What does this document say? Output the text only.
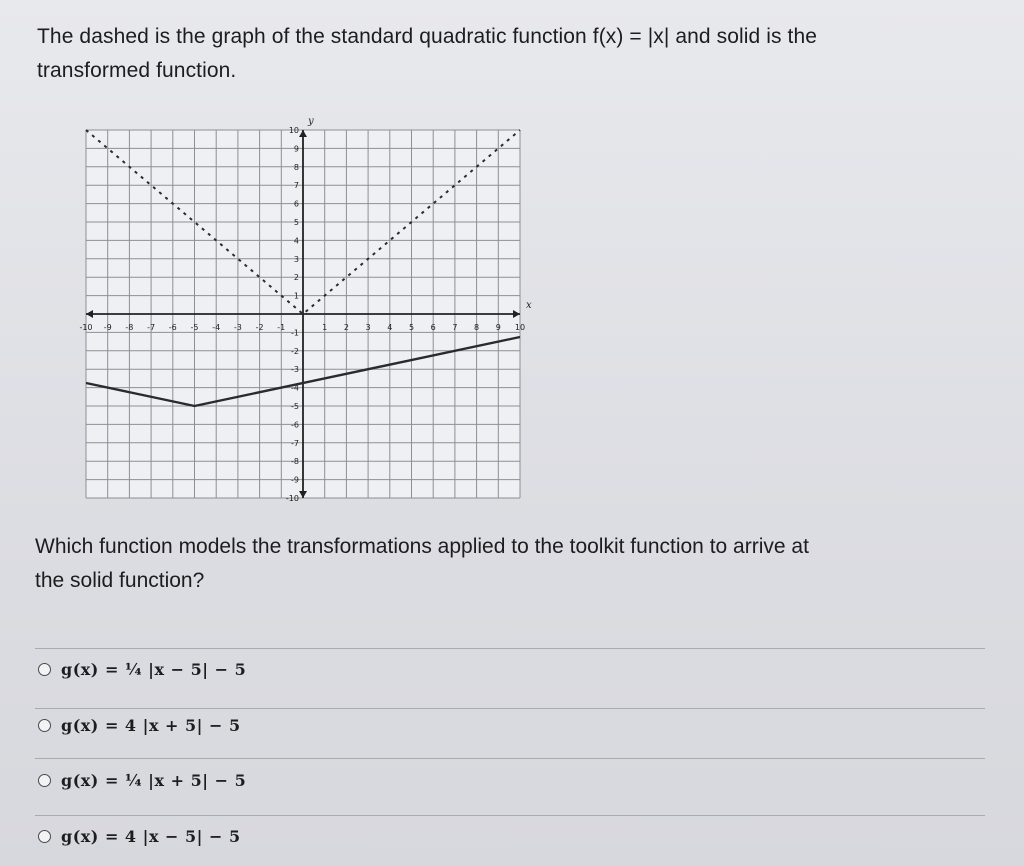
The dashed is the graph of the standard quadratic function f(x) = |x| and solid is the
transformed function.
x
y
-10 -9 -8 -7 -6 -5 -4 -3 -2 -1	1 2 3 4 5 6 7 8 9 10
-10
-9
-8
-7
-6
-5
-4
-3
-2
-1
1
2
3
4
5
6
7
8
9
10
Which function models the transformations applied to the toolkit function to arrive at
the solid function?
g(x) = ¼ |x − 5| − 5
g(x) = 4 |x + 5| − 5
g(x) = ¼ |x + 5| − 5
g(x) = 4 |x − 5| − 5
